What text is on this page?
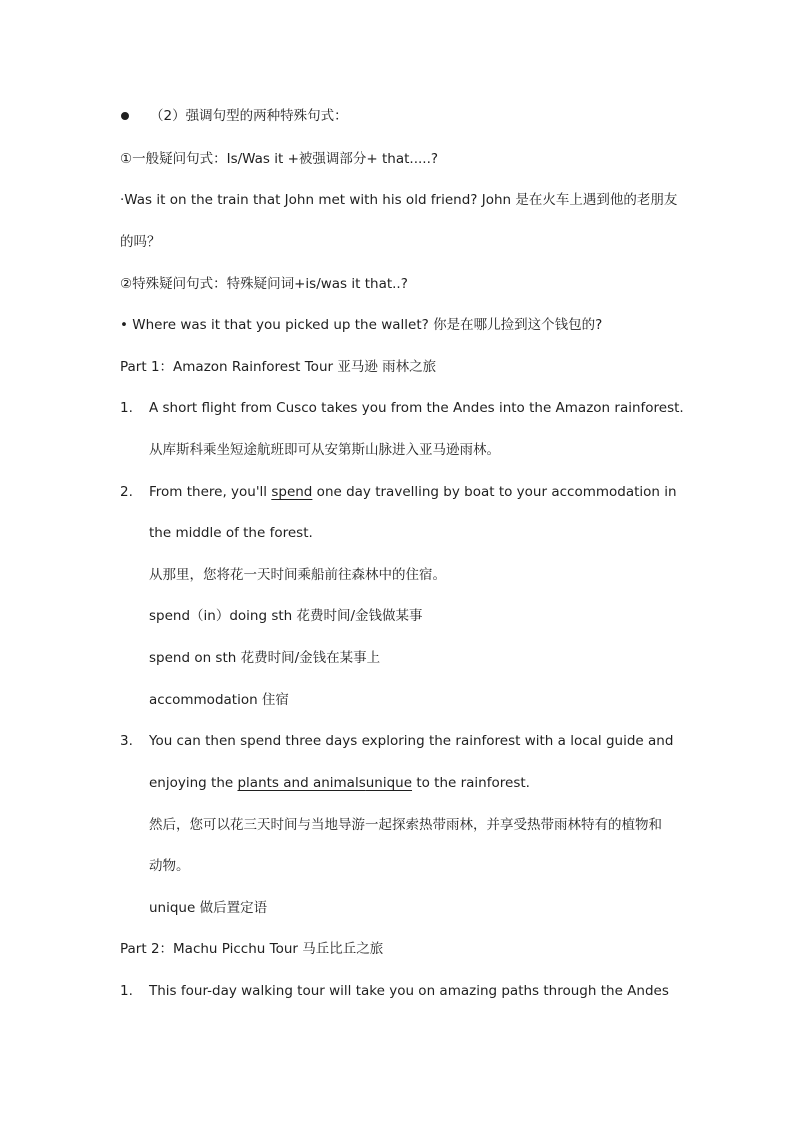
（2）强调句型的两种特殊句式：
①一般疑问句式：Is/Was it +被强调部分+ that.....?
·Was it on the train that John met with his old friend? John 是在火车上遇到他的老朋友
的吗？
②特殊疑问句式：特殊疑问词+is/was it that..?
• Where was it that you picked up the wallet? 你是在哪儿捡到这个钱包的?
Part 1：Amazon Rainforest Tour 亚马逊 雨林之旅
1. A short flight from Cusco takes you from the Andes into the Amazon rainforest.
从库斯科乘坐短途航班即可从安第斯山脉进入亚马逊雨林。
2. From there, you'll spend one day travelling by boat to your accommodation in
the middle of the forest.
从那里，您将花一天时间乘船前往森林中的住宿。
spend（in）doing sth 花费时间/金钱做某事
spend on sth 花费时间/金钱在某事上
accommodation 住宿
3. You can then spend three days exploring the rainforest with a local guide and
enjoying the plants and animalsunique to the rainforest.
然后，您可以花三天时间与当地导游一起探索热带雨林，并享受热带雨林特有的植物和
动物。
unique 做后置定语
Part 2：Machu Picchu Tour 马丘比丘之旅
1. This four-day walking tour will take you on amazing paths through the Andes
